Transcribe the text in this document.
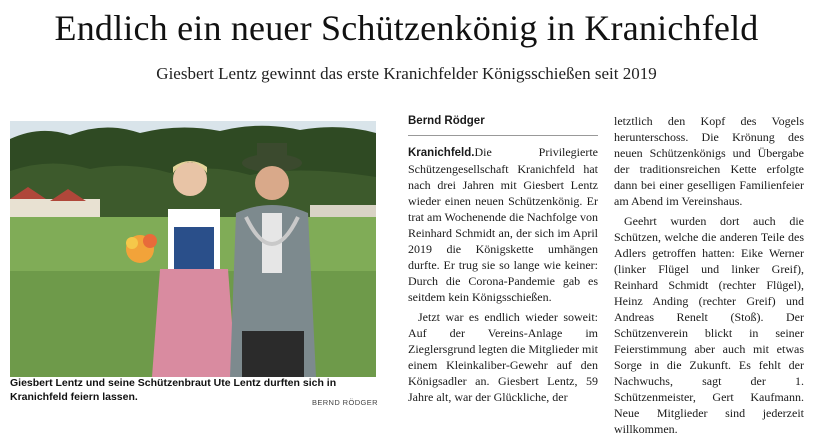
Endlich ein neuer Schützenkönig in Kranichfeld
Giesbert Lentz gewinnt das erste Kranichfelder Königsschießen seit 2019
Giesbert Lentz und seine Schützenbraut Ute Lentz durften sich in Kranichfeld feiern lassen.	BERND RÖDGER
Bernd Rödger

Kranichfeld.Die Privilegierte Schützengesellschaft Kranichfeld hat nach drei Jahren mit Giesbert Lentz wieder einen neuen Schützenkönig. Er trat am Wochenende die Nachfolge von Reinhard Schmidt an, der sich im April 2019 die Königskette umhängen durfte. Er trug sie so lange wie keiner: Durch die Corona-Pandemie gab es seitdem kein Königsschießen.

Jetzt war es endlich wieder soweit: Auf der Vereins-Anlage im Zieglersgrund legten die Mitglieder mit einem Kleinkaliber-Gewehr auf den Königsadler an. Giesbert Lentz, 59 Jahre alt, war der Glückliche, der

letztlich den Kopf des Vogels herunterschoss. Die Krönung des neuen Schützenkönigs und Übergabe der traditionsreichen Kette erfolgte dann bei einer geselligen Familienfeier am Abend im Vereinshaus.

Geehrt wurden dort auch die Schützen, welche die anderen Teile des Adlers getroffen hatten: Eike Werner (linker Flügel und linker Greif), Reinhard Schmidt (rechter Flügel), Heinz Anding (rechter Greif) und Andreas Renelt (Stoß). Der Schützenverein blickt in seiner Feierstimmung aber auch mit etwas Sorge in die Zukunft. Es fehlt der Nachwuchs, sagt der 1. Schützenmeister, Gert Kaufmann. Neue Mitglieder sind jederzeit willkommen.
